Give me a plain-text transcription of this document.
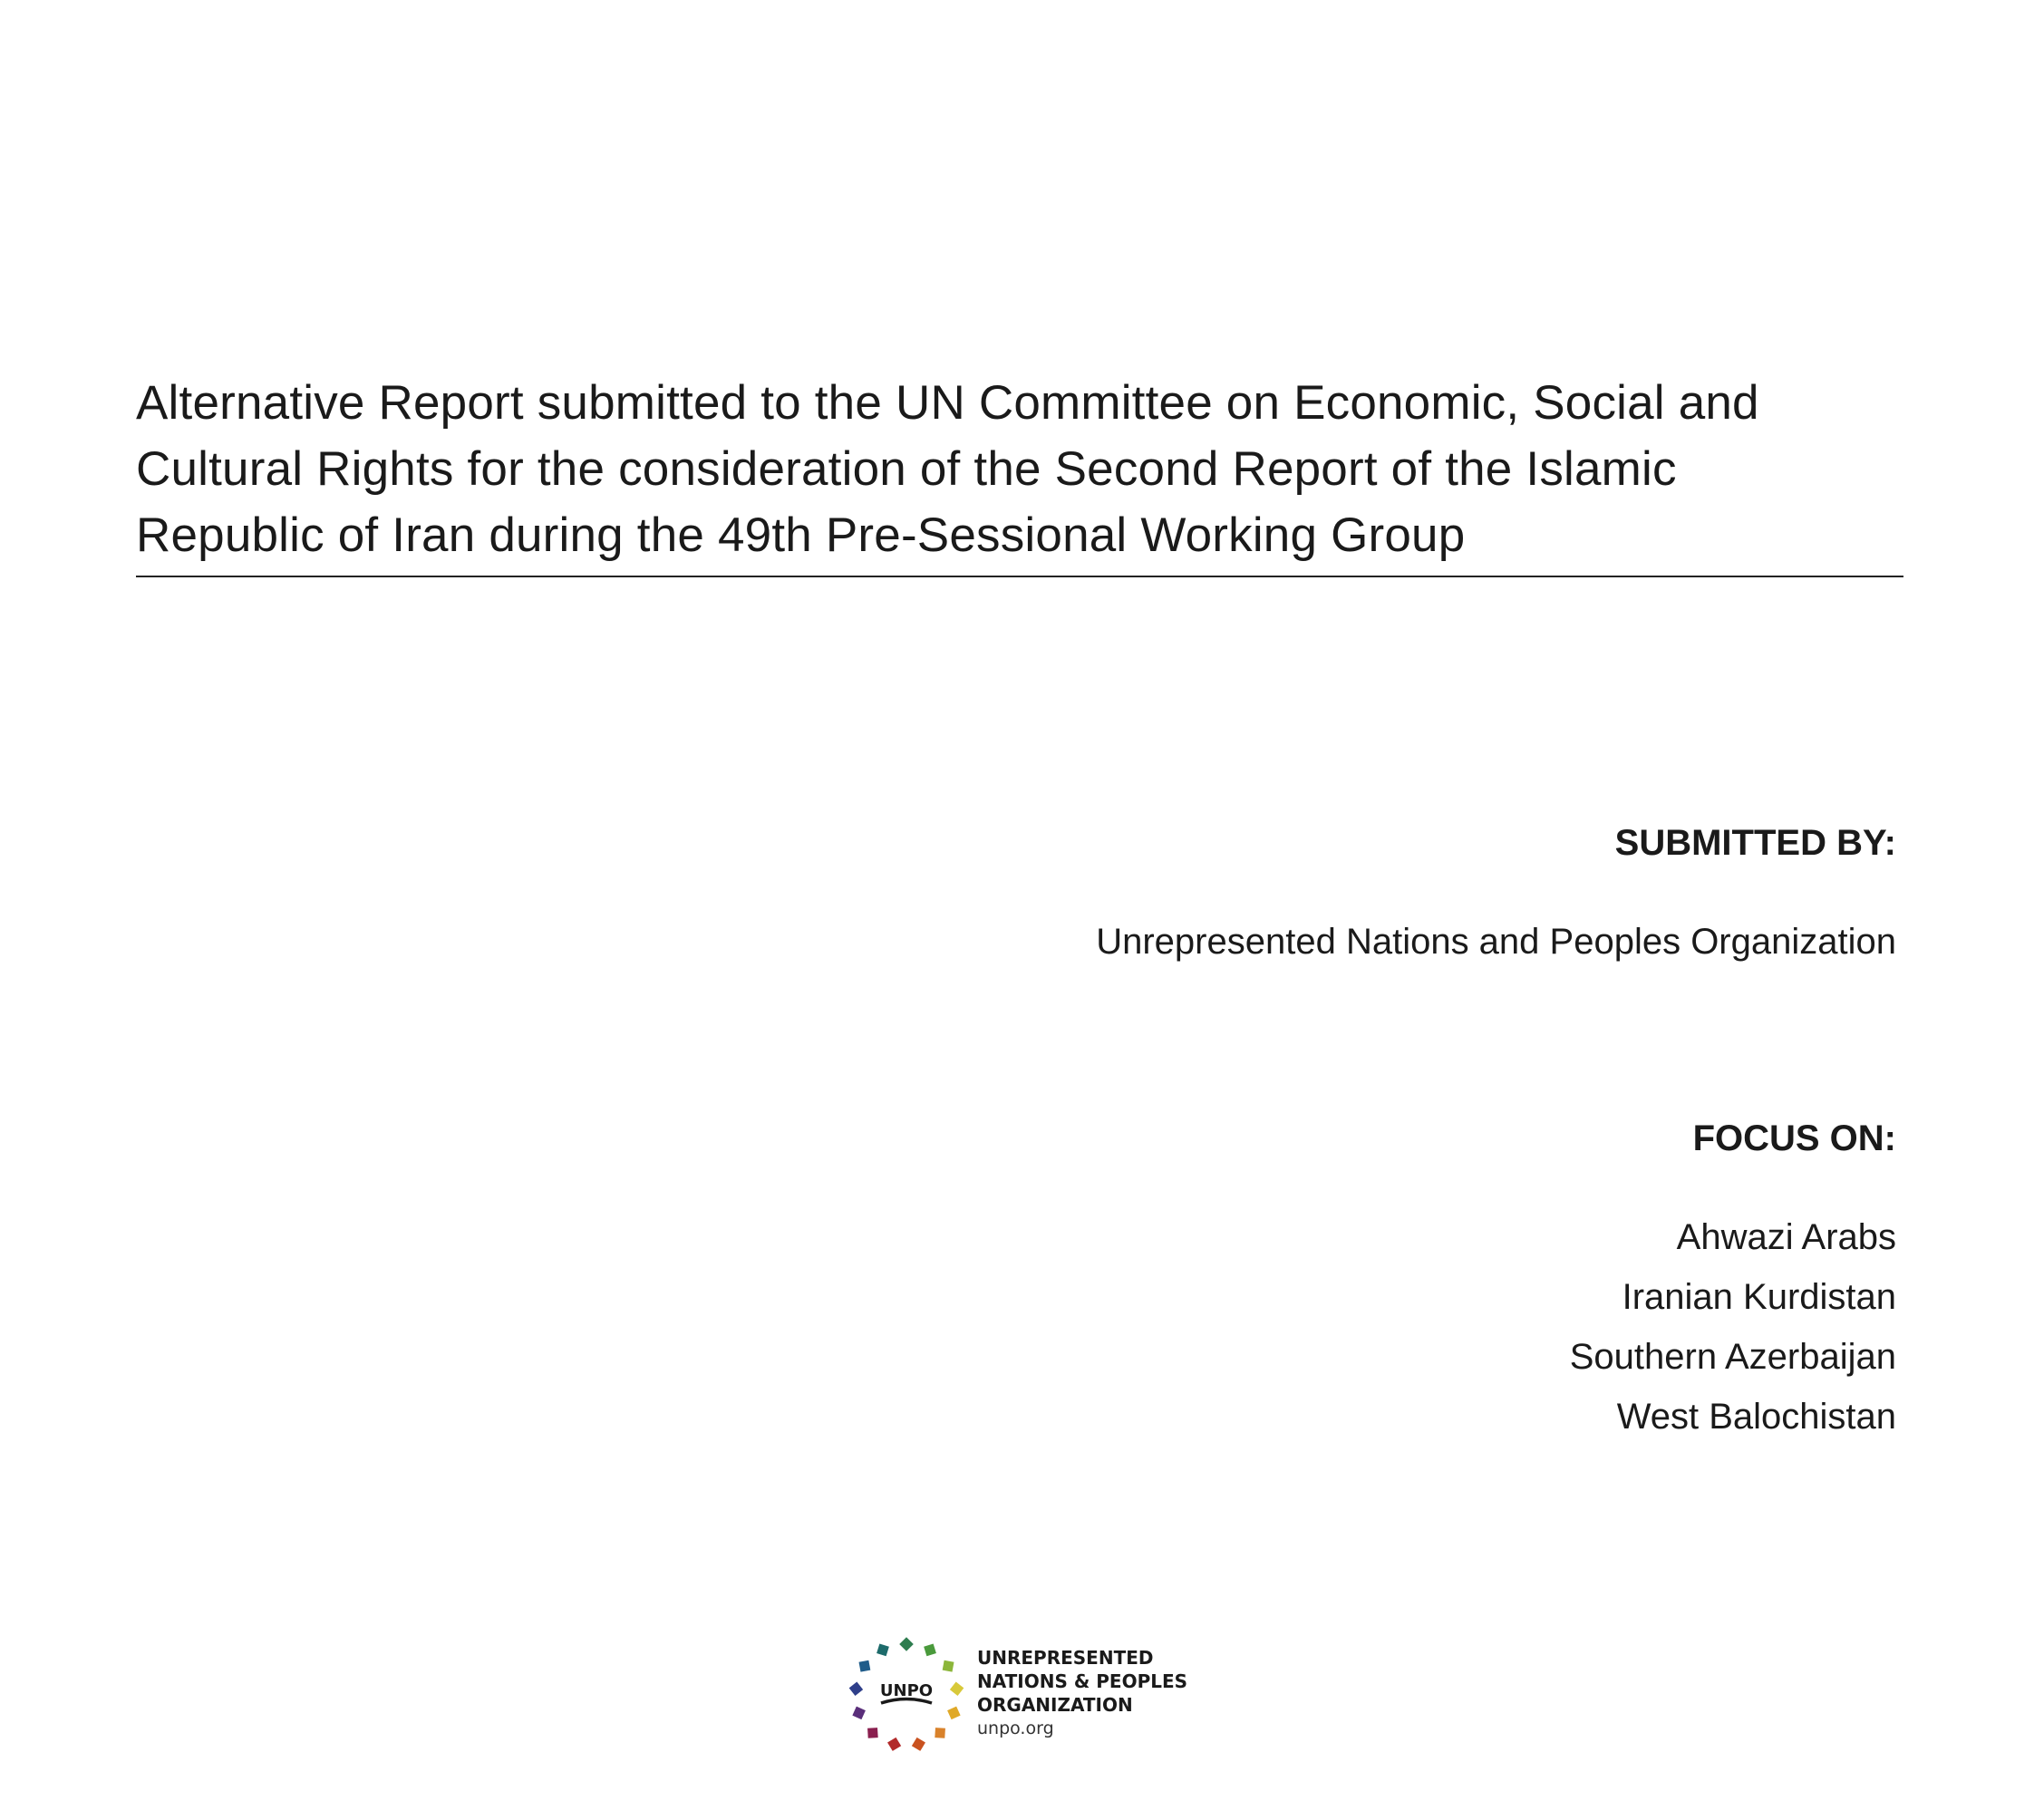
Alternative Report submitted to the UN Committee on Economic, Social and
Cultural Rights for the consideration of the Second Report of the Islamic
Republic of Iran during the 49th Pre-Sessional Working Group
SUBMITTED BY:
Unrepresented Nations and Peoples Organization
FOCUS ON:
Ahwazi Arabs
Iranian Kurdistan
Southern Azerbaijan
West Balochistan
UNPO
UNREPRESENTED
NATIONS & PEOPLES
ORGANIZATION
unpo.org
